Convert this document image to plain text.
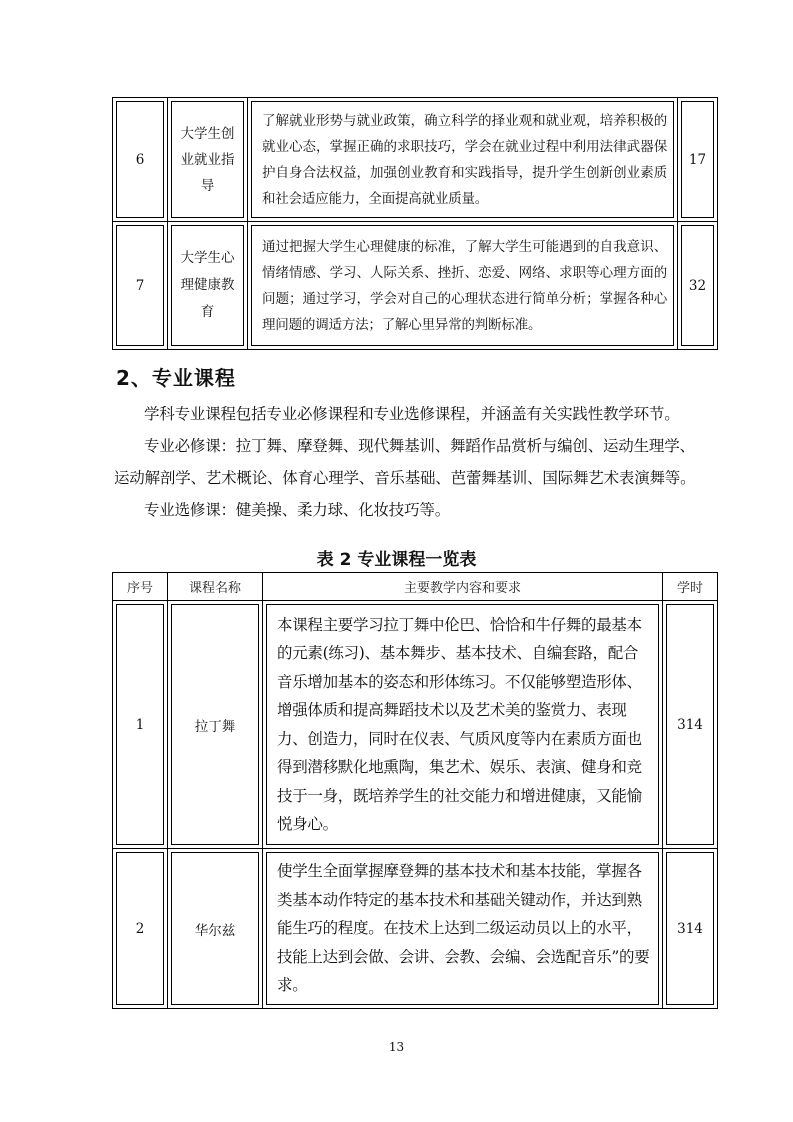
6	大学生创业就业指导	了解就业形势与就业政策，确立科学的择业观和就业观，培养积极的就业心态，掌握正确的求职技巧，学会在就业过程中利用法律武器保护自身合法权益，加强创业教育和实践指导，提升学生创新创业素质和社会适应能力，全面提高就业质量。	17

7	大学生心理健康教育	通过把握大学生心理健康的标准，了解大学生可能遇到的自我意识、情绪情感、学习、人际关系、挫折、恋爱、网络、求职等心理方面的问题；通过学习，学会对自己的心理状态进行简单分析；掌握各种心理问题的调适方法；了解心里异常的判断标准。	32
2、专业课程

学科专业课程包括专业必修课程和专业选修课程，并涵盖有关实践性教学环节。

专业必修课：拉丁舞、摩登舞、现代舞基训、舞蹈作品赏析与编创、运动生理学、

运动解剖学、艺术概论、体育心理学、音乐基础、芭蕾舞基训、国际舞艺术表演舞等。

专业选修课：健美操、柔力球、化妆技巧等。

表 2 专业课程一览表

序号	课程名称	主要教学内容和要求	学时

1	拉丁舞	本课程主要学习拉丁舞中伦巴、恰恰和牛仔舞的最基本的元素(练习)、基本舞步、基本技术、自编套路，配合音乐增加基本的姿态和形体练习。不仅能够塑造形体、增强体质和提高舞蹈技术以及艺术美的鉴赏力、表现力、创造力，同时在仪表、气质风度等内在素质方面也得到潜移默化地熏陶，集艺术、娱乐、表演、健身和竞技于一身，既培养学生的社交能力和增进健康，又能愉悦身心。	314

2	华尔兹	使学生全面掌握摩登舞的基本技术和基本技能，掌握各类基本动作特定的基本技术和基础关键动作，并达到熟能生巧的程度。在技术上达到二级运动员以上的水平，技能上达到会做、会讲、会教、会编、会选配音乐”的要求。	314
13
